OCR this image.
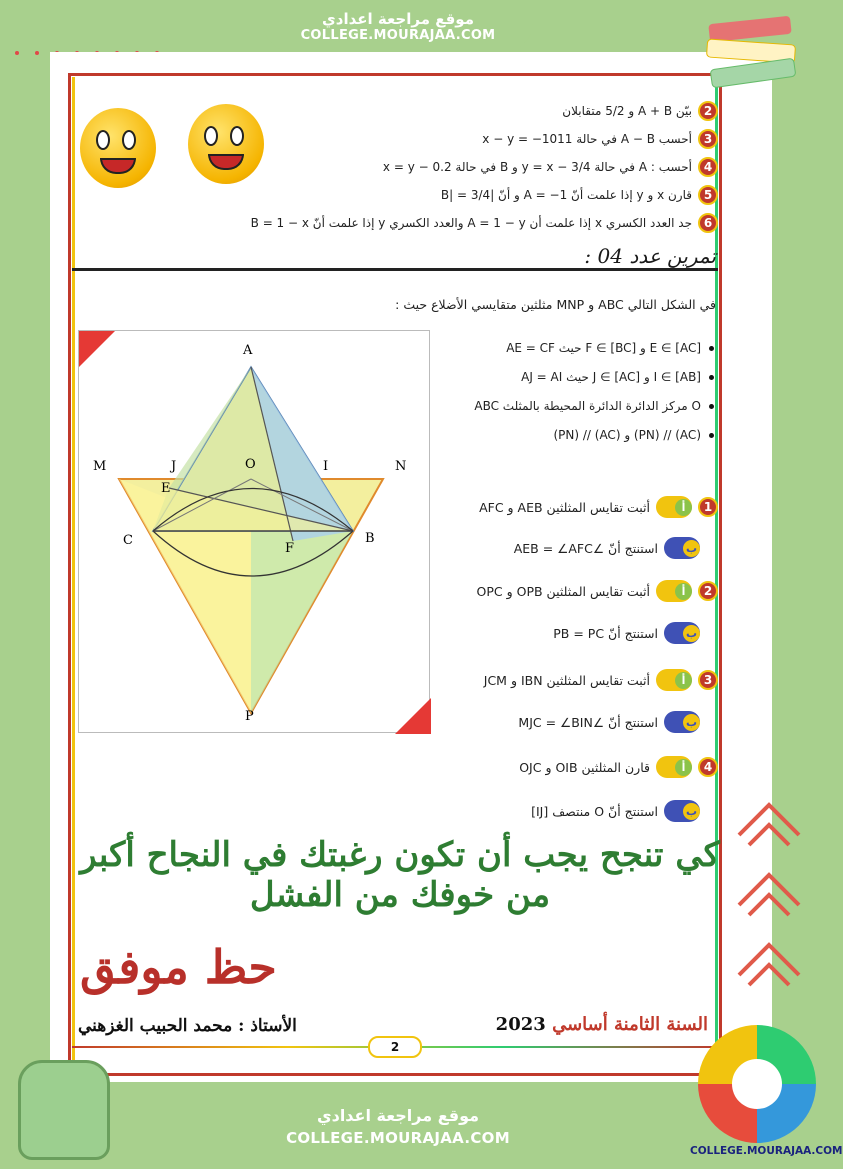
موقع مراجعة اعدادي
COLLEGE.MOURAJAA.COM
2
بيّن A + B و 5/2 متقابلان
3
أحسب A − B في حالة x − y = −1011
4
أحسب : A في حالة y = x − 3/4 و B في حالة x = y − 0.2
5
قارن x و y إذا علمت أنّ A = −1 و أنّ |B| = 3/4
6
جد العدد الكسري x إذا علمت أن A = 1 − y والعدد الكسري y إذا علمت أنّ B = 1 − x
تمرين عدد 04 :
في الشكل التالي ABC و MNP مثلثين متقايسي الأضلاع حيث :
E ∈ [AC] و F ∈ [BC] حيث AE = CF
I ∈ [AB] و J ∈ [AC] حيث AJ = AI
O مركز الدائرة الدائرة المحيطة بالمثلث ABC
(AC) // (PN) و (AC) // (PN)
1
أ
أثبت تقايس المثلثين AEB و AFC
ب
استنتج أنّ ∠AEB = ∠AFC
2
أ
أثبت تقايس المثلثين OPB و OPC
ب
استنتج أنّ PB = PC
3
أ
أثبت تقايس المثلثين IBN و JCM
ب
استنتج أنّ ∠MJC = ∠BIN
4
أ
قارن المثلثين OIB و OJC
ب
استنتج أنّ O منتصف [IJ]
A
M	J	O	I	N
E
C	B
F
P
كي تنجح يجب أن تكون رغبتك في النجاح أكبر من خوفك من الفشل
حظ موفق
الأستاذ : محمد الحبيب الغزهني	السنة الثامنة أساسي 2023
2
موقع مراجعة اعدادي
COLLEGE.MOURAJAA.COM
COLLEGE.MOURAJAA.COM
